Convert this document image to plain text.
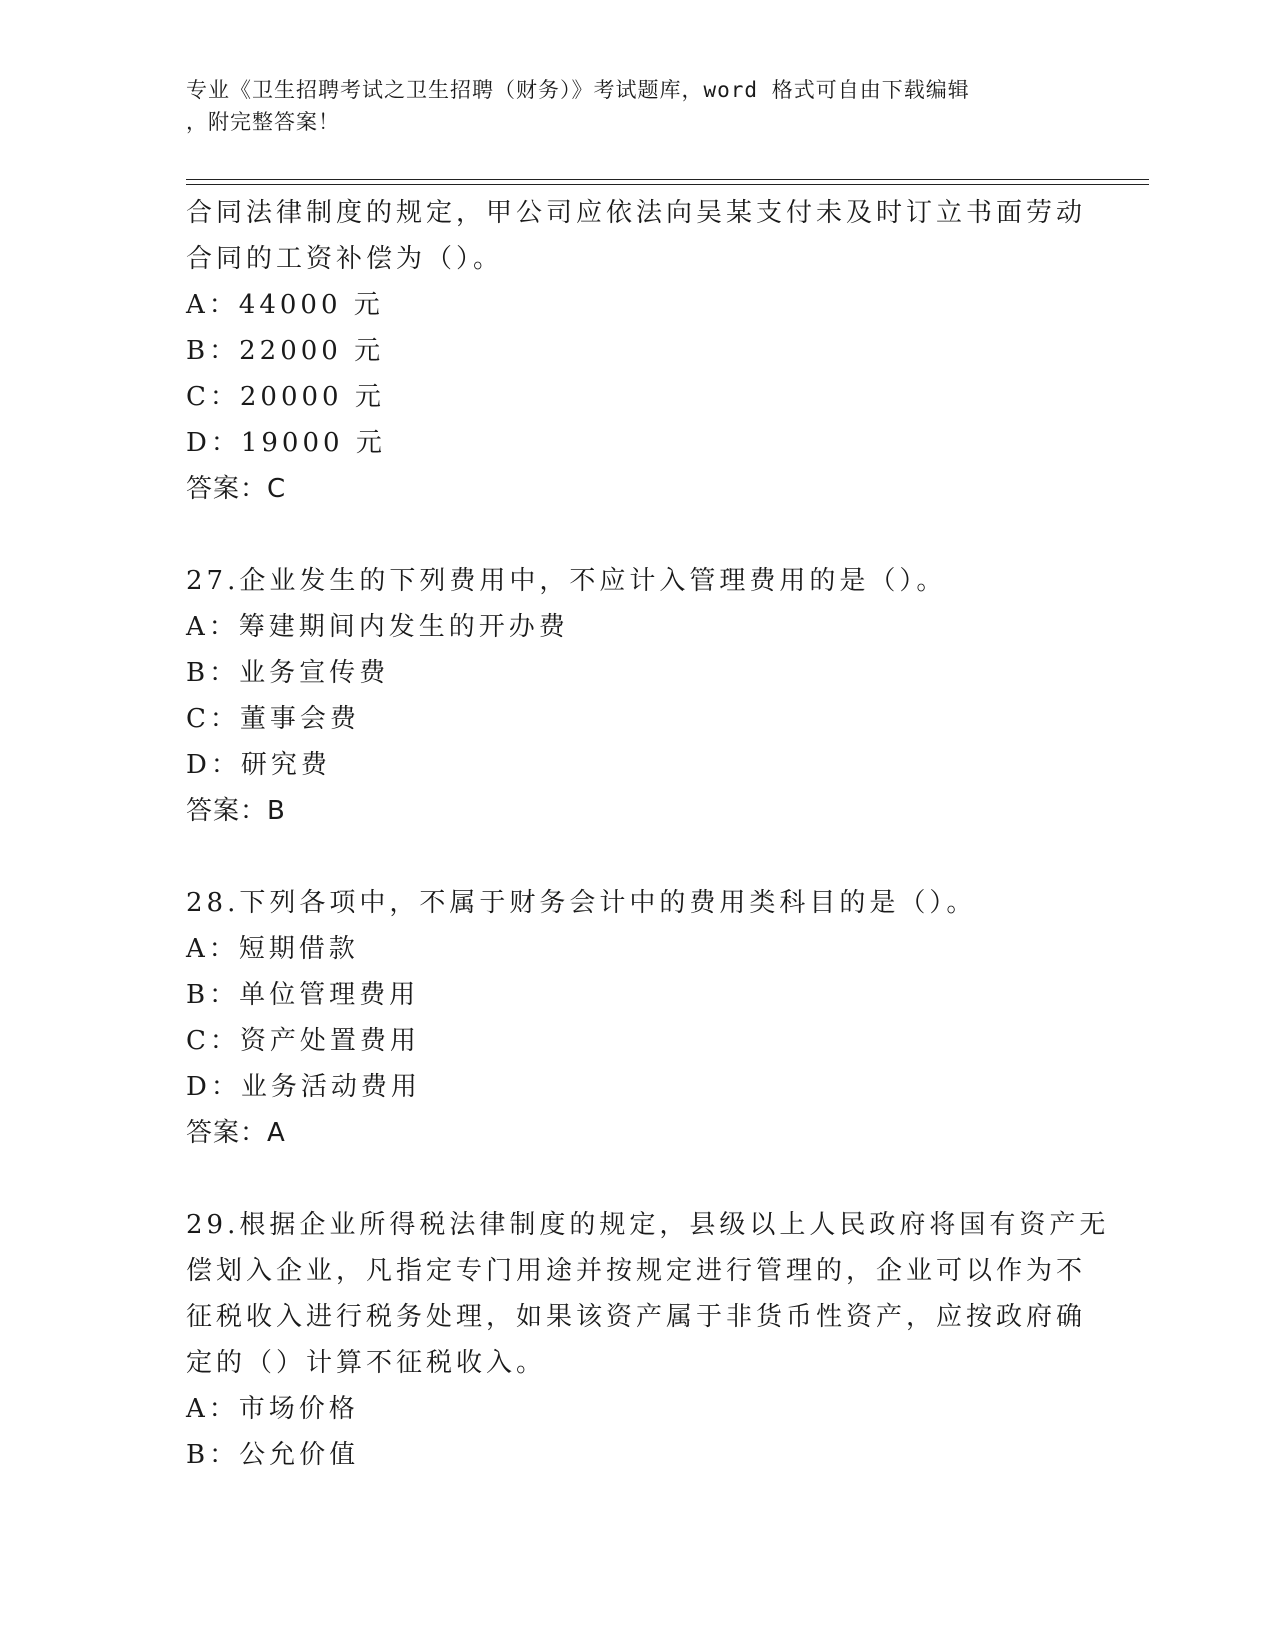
专业《卫生招聘考试之卫生招聘（财务）》考试题库，word 格式可自由下载编辑
，附完整答案！
合同法律制度的规定，甲公司应依法向吴某支付未及时订立书面劳动
合同的工资补偿为（）。
A：44000 元
B：22000 元
C：20000 元
D：19000 元
答案：C
27.企业发生的下列费用中，不应计入管理费用的是（）。
A：筹建期间内发生的开办费
B：业务宣传费
C：董事会费
D：研究费
答案：B
28.下列各项中，不属于财务会计中的费用类科目的是（）。
A：短期借款
B：单位管理费用
C：资产处置费用
D：业务活动费用
答案：A
29.根据企业所得税法律制度的规定，县级以上人民政府将国有资产无
偿划入企业，凡指定专门用途并按规定进行管理的，企业可以作为不
征税收入进行税务处理，如果该资产属于非货币性资产，应按政府确
定的（）计算不征税收入。
A：市场价格
B：公允价值
